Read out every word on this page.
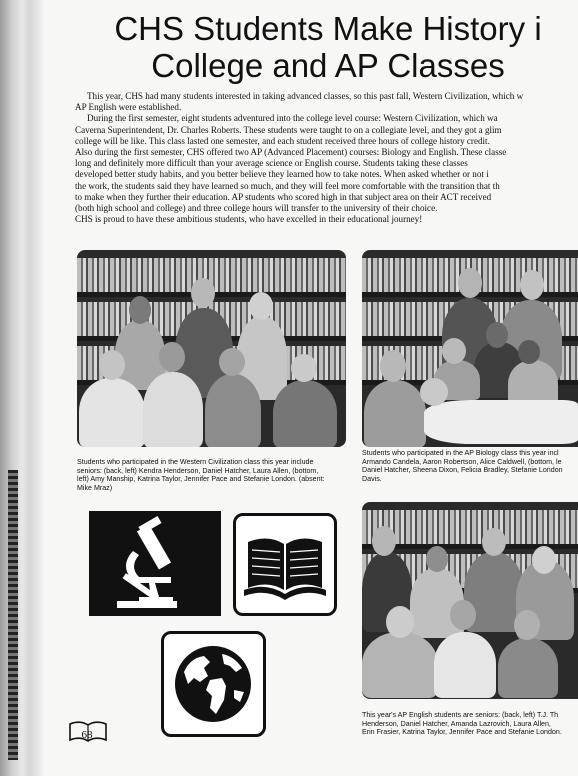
CHS Students Make History i
College and AP Classes

This year, CHS had many students interested in taking advanced classes, so this past fall, Western Civilization, which w

AP English were established.

During the first semester, eight students adventured into the college level course: Western Civilization, which wa

Caverna Superintendent, Dr. Charles Roberts. These students were taught to on a collegiate level, and they got a glim

college will be like. This class lasted one semester, and each student received three hours of college history credit.

Also during the first semester, CHS offered two AP (Advanced Placement) courses: Biology and English. These classe

long and definitely more difficult than your average science or English course. Students taking these classes

developed better study habits, and you better believe they learned how to take notes. When asked whether or not i

the work, the students said they have learned so much, and they will feel more comfortable with the transition that th

to make when they further their education. AP students who scored high in that subject area on their ACT received

(both high school and college) and three college hours will transfer to the university of their choice.

CHS is proud to have these ambitious students, who have excelled in their educational journey!

Students who participated in the Western Civilization class this year include
seniors: (back, left) Kendra Henderson, Daniel Hatcher, Laura Allen, (bottom,
left) Amy Manship, Katrina Taylor, Jennifer Pace and Stefanie London. (absent:
Mike Mraz)
Students who participated in the AP Biology class this year incl
Armando Candela, Aaron Robertson, Alice Caldwell, (bottom, le
Daniel Hatcher, Sheena Dixon, Felicia Bradley, Stefanie London
Davis.
This year's AP English students are seniors: (back, left) T.J. Th
Henderson, Daniel Hatcher, Amanda Lazrovich, Laura Allen,
Erin Frasier, Katrina Taylor, Jennifer Pace and Stefanie London.
68
